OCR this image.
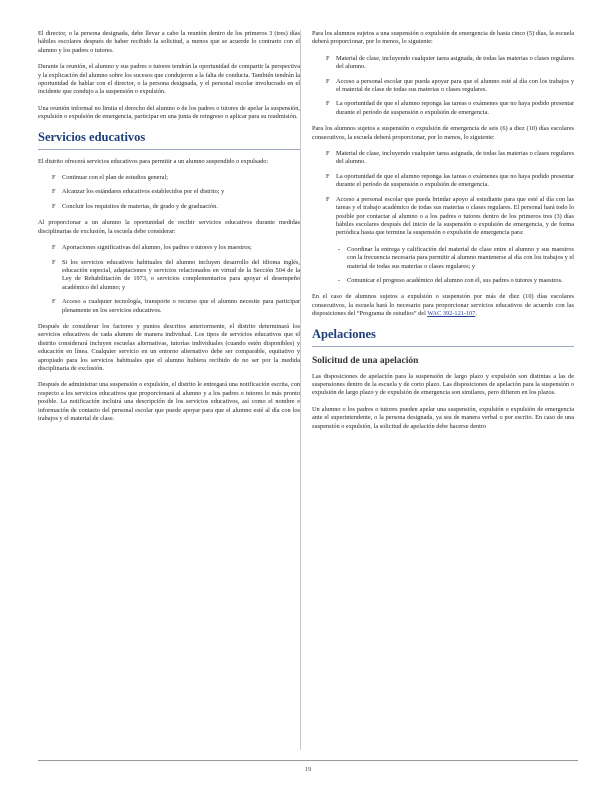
El director, o la persona designada, debe llevar a cabo la reunión dentro de los primeros 3 (tres) días hábiles escolares después de haber recibido la solicitud, a menos que se acuerde lo contrario con el alumno y los padres o tutores.

Durante la reunión, el alumno y sus padres o tutores tendrán la oportunidad de compartir la perspectiva y la explicación del alumno sobre los sucesos que condujeron a la falta de conducta. También tendrán la oportunidad de hablar con el director, o la persona designada, y el personal escolar involucrado en el incidente que condujo a la suspensión o expulsión.

Una reunión informal no limita el derecho del alumno o de los padres o tutores de apelar la suspensión, expulsión o expulsión de emergencia, participar en una junta de reingreso o aplicar para su readmisión.

Servicios educativos

El distrito ofrecerá servicios educativos para permitir a un alumno suspendido o expulsado:

F Continuar con el plan de estudios general;
F Alcanzar los estándares educativos establecidos por el distrito; y
F Concluir los requisitos de materias, de grado y de graduación.

Al proporcionar a un alumno la oportunidad de recibir servicios educativos durante medidas disciplinarias de exclusión, la escuela debe considerar:

F Aportaciones significativas del alumno, los padres o tutores y los maestros;
F Si los servicios educativos habituales del alumno incluyen desarrollo del idioma inglés, educación especial, adaptaciones y servicios relacionados en virtud de la Sección 504 de la Ley de Rehabilitación de 1973, o servicios complementarios para apoyar el desempeño académico del alumno; y
F Acceso a cualquier tecnología, transporte o recurso que el alumno necesite para participar plenamente en los servicios educativos.

Después de considerar los factores y puntos descritos anteriormente, el distrito determinará los servicios educativos de cada alumno de manera individual. Los tipos de servicios educativos que el distrito considerará incluyen escuelas alternativas, tutorías individuales (cuando estén disponibles) y educación en línea. Cualquier servicio en un entorno alternativo debe ser comparable, equitativo y apropiado para los servicios habituales que el alumno hubiera recibido de no ser por la medida disciplinaria de exclusión.

Después de administrar una suspensión o expulsión, el distrito le entregará una notificación escrita, con respecto a los servicios educativos que proporcionará al alumno y a los padres o tutores lo más pronto posible. La notificación incluirá una descripción de los servicios educativos, así como el nombre e información de contacto del personal escolar que puede apoyar para que el alumno esté al día con los trabajos y el material de clase.

Para los alumnos sujetos a una suspensión o expulsión de emergencia de hasta cinco (5) días, la escuela deberá proporcionar, por lo menos, lo siguiente:

F Material de clase, incluyendo cualquier tarea asignada, de todas las materias o clases regulares del alumno.
F Acceso a personal escolar que pueda apoyar para que el alumno esté al día con los trabajos y el material de clase de todas sus materias o clases regulares.
F La oportunidad de que el alumno reponga las tareas o exámenes que no haya podido presentar durante el período de suspensión o expulsión de emergencia.

Para los alumnos sujetos a suspensión o expulsión de emergencia de seis (6) a diez (10) días escolares consecutivos, la escuela deberá proporcionar, por lo menos, lo siguiente:

F Material de clase, incluyendo cualquier tarea asignada, de todas las materias o clases regulares del alumno.
F La oportunidad de que el alumno reponga las tareas o exámenes que no haya podido presentar durante el período de suspensión o expulsión de emergencia.
F Acceso a personal escolar que pueda brindar apoyo al estudiante para que esté al día con las tareas y el trabajo académico de todas sus materias o clases regulares. El personal hará todo lo posible por contactar al alumno o a los padres o tutores dentro de los primeros tres (3) días hábiles escolares después del inicio de la suspensión o expulsión de emergencia, y de forma periódica hasta que termine la suspensión o expulsión de emergencia para:
- Coordinar la entrega y calificación del material de clase entre el alumno y sus maestros con la frecuencia necesaria para permitir al alumno mantenerse al día con los trabajos y el material de todas sus materias o clases regulares; y
- Comunicar el progreso académico del alumno con él, sus padres o tutores y maestros.

En el caso de alumnos sujetos a expulsión o suspensión por más de diez (10) días escolares consecutivos, la escuela hará lo necesario para proporcionar servicios educativos de acuerdo con las disposiciones del “Programa de estudios” del WAC 392-121-107.

Apelaciones
Solicitud de una apelación

Las disposiciones de apelación para la suspensión de largo plazo y expulsión son distintas a las de suspensiones dentro de la escuela y de corto plazo. Las disposiciones de apelación para la suspensión o expulsión de largo plazo y de expulsión de emergencia son similares, pero difieren en los plazos.

Un alumno o los padres o tutores pueden apelar una suspensión, expulsión o expulsión de emergencia ante el superintendente, o la persona designada, ya sea de manera verbal o por escrito. En caso de una suspensión o expulsión, la solicitud de apelación debe hacerse dentro

19
